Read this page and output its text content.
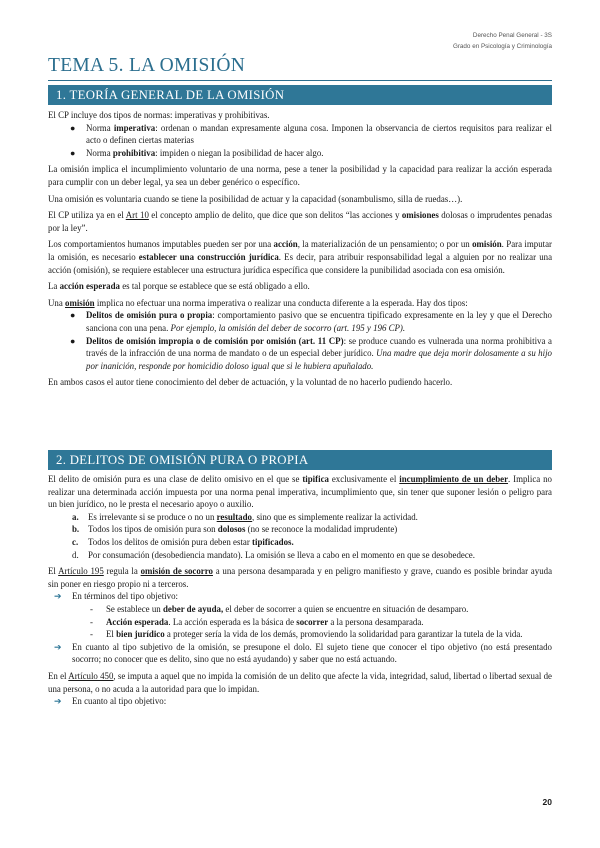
Derecho Penal General - 3S
Grado en Psicología y Criminología
TEMA 5. LA OMISIÓN
1. TEORÍA GENERAL DE LA OMISIÓN

El CP incluye dos tipos de normas: imperativas y prohibitivas.

● Norma imperativa: ordenan o mandan expresamente alguna cosa. Imponen la observancia de ciertos requisitos para realizar el acto o definen ciertas materias

● Norma prohibitiva: impiden o niegan la posibilidad de hacer algo.

La omisión implica el incumplimiento voluntario de una norma, pese a tener la posibilidad y la capacidad para realizar la acción esperada para cumplir con un deber legal, ya sea un deber genérico o específico.

Una omisión es voluntaria cuando se tiene la posibilidad de actuar y la capacidad (sonambulismo, silla de ruedas…).

El CP utiliza ya en el Art 10 el concepto amplio de delito, que dice que son delitos “las acciones y omisiones dolosas o imprudentes penadas por la ley”.

Los comportamientos humanos imputables pueden ser por una acción, la materialización de un pensamiento; o por un omisión. Para imputar la omisión, es necesario establecer una construcción jurídica. Es decir, para atribuir responsabilidad legal a alguien por no realizar una acción (omisión), se requiere establecer una estructura jurídica específica que considere la punibilidad asociada con esa omisión.

La acción esperada es tal porque se establece que se está obligado a ello.

Una omisión implica no efectuar una norma imperativa o realizar una conducta diferente a la esperada. Hay dos tipos:

● Delitos de omisión pura o propia: comportamiento pasivo que se encuentra tipificado expresamente en la ley y que el Derecho sanciona con una pena. Por ejemplo, la omisión del deber de socorro (art. 195 y 196 CP).

● Delitos de omisión impropia o de comisión por omisión (art. 11 CP): se produce cuando es vulnerada una norma prohibitiva a través de la infracción de una norma de mandato o de un especial deber jurídico. Una madre que deja morir dolosamente a su hijo por inanición, responde por homicidio doloso igual que si le hubiera apuñalado.

En ambos casos el autor tiene conocimiento del deber de actuación, y la voluntad de no hacerlo pudiendo hacerlo.

2. DELITOS DE OMISIÓN PURA O PROPIA

El delito de omisión pura es una clase de delito omisivo en el que se tipifica exclusivamente el incumplimiento de un deber. Implica no realizar una determinada acción impuesta por una norma penal imperativa, incumplimiento que, sin tener que suponer lesión o peligro para un bien jurídico, no le presta el necesario apoyo o auxilio.

a. Es irrelevante si se produce o no un resultado, sino que es simplemente realizar la actividad.

b. Todos los tipos de omisión pura son dolosos (no se reconoce la modalidad imprudente)

c. Todos los delitos de omisión pura deben estar tipificados.

d. Por consumación (desobediencia mandato). La omisión se lleva a cabo en el momento en que se desobedece.

El Artículo 195 regula la omisión de socorro a una persona desamparada y en peligro manifiesto y grave, cuando es posible brindar ayuda sin poner en riesgo propio ni a terceros.

➔ En términos del tipo objetivo:

- Se establece un deber de ayuda, el deber de socorrer a quien se encuentre en situación de desamparo.

- Acción esperada. La acción esperada es la básica de socorrer a la persona desamparada.

- El bien jurídico a proteger sería la vida de los demás, promoviendo la solidaridad para garantizar la tutela de la vida.

➔ En cuanto al tipo subjetivo de la omisión, se presupone el dolo. El sujeto tiene que conocer el tipo objetivo (no está presentado socorro; no conocer que es delito, sino que no está ayudando) y saber que no está actuando.

En el Artículo 450, se imputa a aquel que no impida la comisión de un delito que afecte la vida, integridad, salud, libertad o libertad sexual de una persona, o no acuda a la autoridad para que lo impidan.

➔ En cuanto al tipo objetivo:

20
